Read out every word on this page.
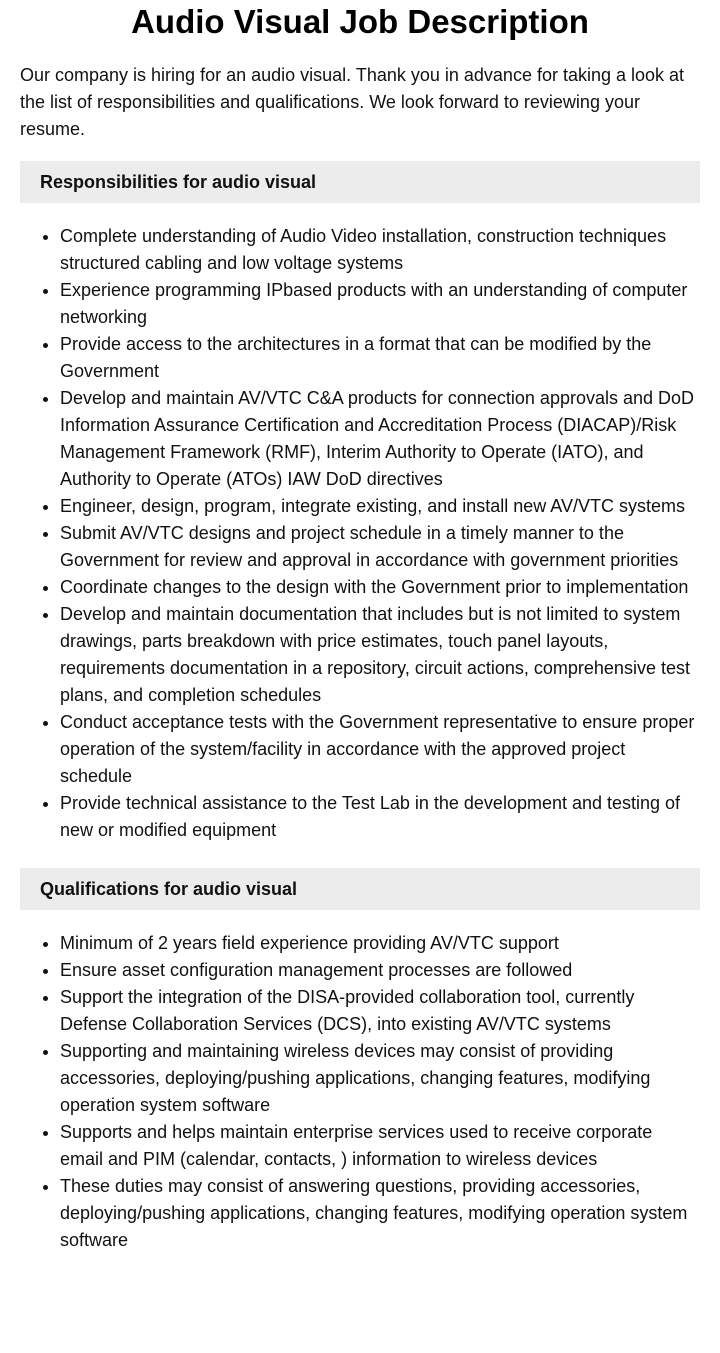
Audio Visual Job Description

Our company is hiring for an audio visual. Thank you in advance for taking a look at the list of responsibilities and qualifications. We look forward to reviewing your resume.

Responsibilities for audio visual
• Complete understanding of Audio Video installation, construction techniques structured cabling and low voltage systems
• Experience programming IPbased products with an understanding of computer networking
• Provide access to the architectures in a format that can be modified by the Government
• Develop and maintain AV/VTC C&A products for connection approvals and DoD Information Assurance Certification and Accreditation Process (DIACAP)/Risk Management Framework (RMF), Interim Authority to Operate (IATO), and Authority to Operate (ATOs) IAW DoD directives
• Engineer, design, program, integrate existing, and install new AV/VTC systems
• Submit AV/VTC designs and project schedule in a timely manner to the Government for review and approval in accordance with government priorities
• Coordinate changes to the design with the Government prior to implementation
• Develop and maintain documentation that includes but is not limited to system drawings, parts breakdown with price estimates, touch panel layouts, requirements documentation in a repository, circuit actions, comprehensive test plans, and completion schedules
• Conduct acceptance tests with the Government representative to ensure proper operation of the system/facility in accordance with the approved project schedule
• Provide technical assistance to the Test Lab in the development and testing of new or modified equipment
Qualifications for audio visual
• Minimum of 2 years field experience providing AV/VTC support
• Ensure asset configuration management processes are followed
• Support the integration of the DISA-provided collaboration tool, currently Defense Collaboration Services (DCS), into existing AV/VTC systems
• Supporting and maintaining wireless devices may consist of providing accessories, deploying/pushing applications, changing features, modifying operation system software
• Supports and helps maintain enterprise services used to receive corporate email and PIM (calendar, contacts, ) information to wireless devices
• These duties may consist of answering questions, providing accessories, deploying/pushing applications, changing features, modifying operation system software
